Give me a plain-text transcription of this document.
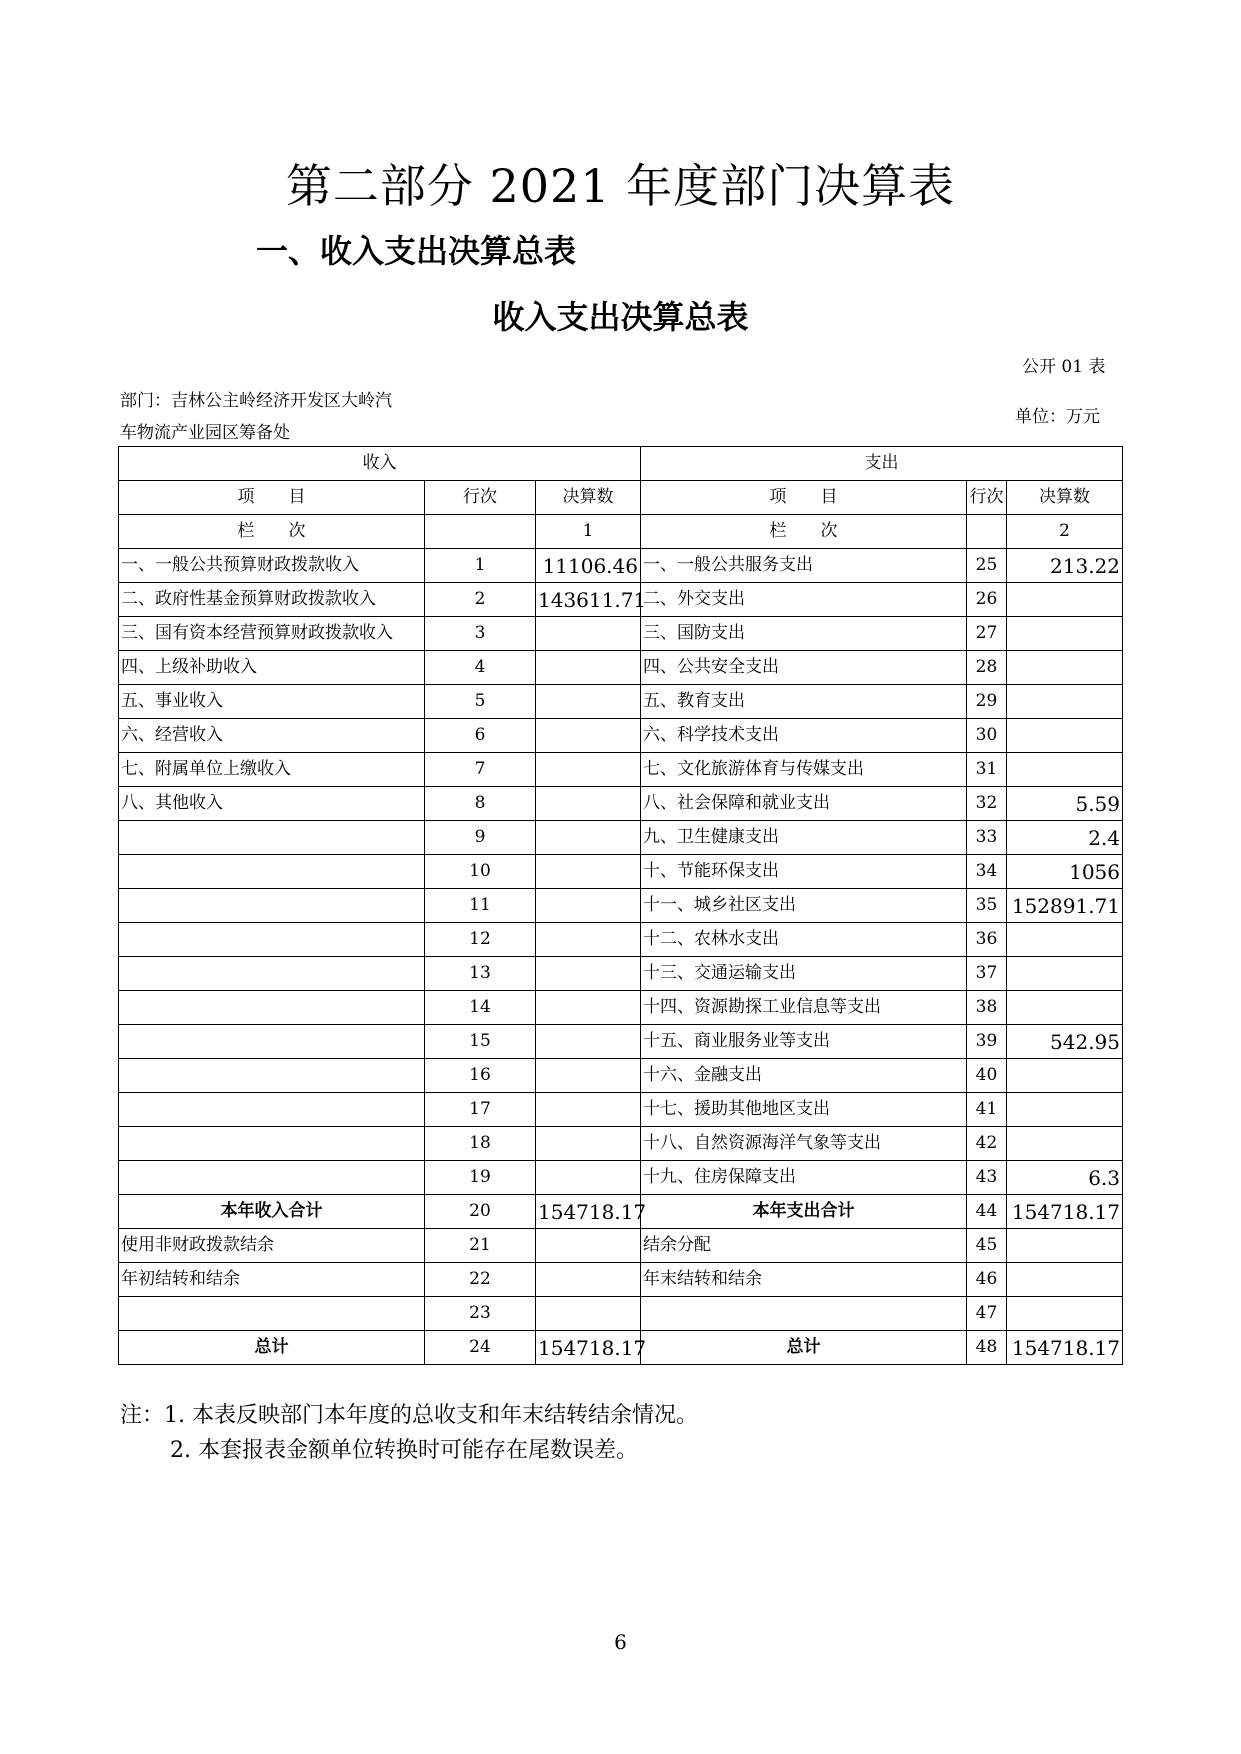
第二部分 2021 年度部门决算表
一、收入支出决算总表
收入支出决算总表
公开 01 表
部门：吉林公主岭经济开发区大岭汽
车物流产业园区筹备处
单位：万元
收入			支出		
项　　目	行次	决算数	项　　目	行次	决算数
栏　　次		1	栏　　次		2
一、一般公共预算财政拨款收入	1	11106.46	一、一般公共服务支出	25	213.22
二、政府性基金预算财政拨款收入	2	143611.71	二、外交支出	26	
三、国有资本经营预算财政拨款收入	3		三、国防支出	27	
四、上级补助收入	4		四、公共安全支出	28	
五、事业收入	5		五、教育支出	29	
六、经营收入	6		六、科学技术支出	30	
七、附属单位上缴收入	7		七、文化旅游体育与传媒支出	31	
八、其他收入	8		八、社会保障和就业支出	32	5.59
	9		九、卫生健康支出	33	2.4
	10		十、节能环保支出	34	1056
	11		十一、城乡社区支出	35	152891.71
	12		十二、农林水支出	36	
	13		十三、交通运输支出	37	
	14		十四、资源勘探工业信息等支出	38	
	15		十五、商业服务业等支出	39	542.95
	16		十六、金融支出	40	
	17		十七、援助其他地区支出	41	
	18		十八、自然资源海洋气象等支出	42	
	19		十九、住房保障支出	43	6.3
本年收入合计	20	154718.17	本年支出合计	44	154718.17
使用非财政拨款结余	21		结余分配	45	
年初结转和结余	22		年末结转和结余	46	
	23			47	
总计	24	154718.17	总计	48	154718.17
注：1. 本表反映部门本年度的总收支和年末结转结余情况。
2. 本套报表金额单位转换时可能存在尾数误差。
6
